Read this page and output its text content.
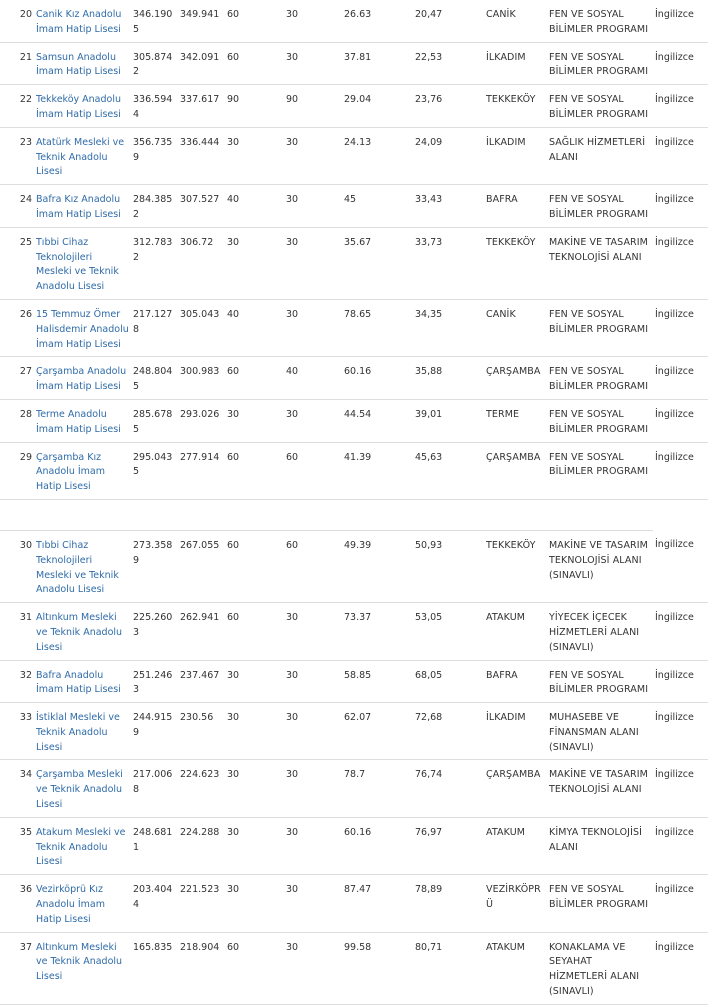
20	Canik Kız Anadolu İmam Hatip Lisesi	346.1905	349.941	60	30	26.63	20,47	CANİK	FEN VE SOSYAL BİLİMLER PROGRAMI	İngilizce
21	Samsun Anadolu İmam Hatip Lisesi	305.8742	342.091	60	30	37.81	22,53	İLKADIM	FEN VE SOSYAL BİLİMLER PROGRAMI	İngilizce
22	Tekkeköy Anadolu İmam Hatip Lisesi	336.5944	337.617	90	90	29.04	23,76	TEKKEKÖY	FEN VE SOSYAL BİLİMLER PROGRAMI	İngilizce
23	Atatürk Mesleki ve Teknik Anadolu Lisesi	356.7359	336.444	30	30	24.13	24,09	İLKADIM	SAĞLIK HİZMETLERİ ALANI	İngilizce
24	Bafra Kız Anadolu İmam Hatip Lisesi	284.3852	307.527	40	30	45	33,43	BAFRA	FEN VE SOSYAL BİLİMLER PROGRAMI	İngilizce
25	Tıbbi Cihaz Teknolojileri Mesleki ve Teknik Anadolu Lisesi	312.7832	306.72	30	30	35.67	33,73	TEKKEKÖY	MAKİNE VE TASARIM TEKNOLOJİSİ ALANI	İngilizce
26	15 Temmuz Ömer Halisdemir Anadolu İmam Hatip Lisesi	217.1278	305.043	40	30	78.65	34,35	CANİK	FEN VE SOSYAL BİLİMLER PROGRAMI	İngilizce
27	Çarşamba Anadolu İmam Hatip Lisesi	248.8045	300.983	60	40	60.16	35,88	ÇARŞAMBA	FEN VE SOSYAL BİLİMLER PROGRAMI	İngilizce
28	Terme Anadolu İmam Hatip Lisesi	285.6785	293.026	30	30	44.54	39,01	TERME	FEN VE SOSYAL BİLİMLER PROGRAMI	İngilizce
29	Çarşamba Kız Anadolu İmam Hatip Lisesi	295.0435	277.914	60	60	41.39	45,63	ÇARŞAMBA	FEN VE SOSYAL BİLİMLER PROGRAMI	İngilizce

30	Tıbbi Cihaz Teknolojileri Mesleki ve Teknik Anadolu Lisesi	273.3589	267.055	60	60	49.39	50,93	TEKKEKÖY	MAKİNE VE TASARIM TEKNOLOJİSİ ALANI (SINAVLI)	İngilizce
31	Altınkum Mesleki ve Teknik Anadolu Lisesi	225.2603	262.941	60	30	73.37	53,05	ATAKUM	YİYECEK İÇECEK HİZMETLERİ ALANI (SINAVLI)	İngilizce
32	Bafra Anadolu İmam Hatip Lisesi	251.2463	237.467	30	30	58.85	68,05	BAFRA	FEN VE SOSYAL BİLİMLER PROGRAMI	İngilizce
33	İstiklal Mesleki ve Teknik Anadolu Lisesi	244.9159	230.56	30	30	62.07	72,68	İLKADIM	MUHASEBE VE FİNANSMAN ALANI (SINAVLI)	İngilizce
34	Çarşamba Mesleki ve Teknik Anadolu Lisesi	217.0068	224.623	30	30	78.7	76,74	ÇARŞAMBA	MAKİNE VE TASARIM TEKNOLOJİSİ ALANI	İngilizce
35	Atakum Mesleki ve Teknik Anadolu Lisesi	248.6811	224.288	30	30	60.16	76,97	ATAKUM	KİMYA TEKNOLOJİSİ ALANI	İngilizce
36	Vezirköprü Kız Anadolu İmam Hatip Lisesi	203.4044	221.523	30	30	87.47	78,89	VEZİRKÖPRÜ	FEN VE SOSYAL BİLİMLER PROGRAMI	İngilizce
37	Altınkum Mesleki ve Teknik Anadolu Lisesi	165.835	218.904	60	30	99.58	80,71	ATAKUM	KONAKLAMA VE SEYAHAT HİZMETLERİ ALANI (SINAVLI)	İngilizce
